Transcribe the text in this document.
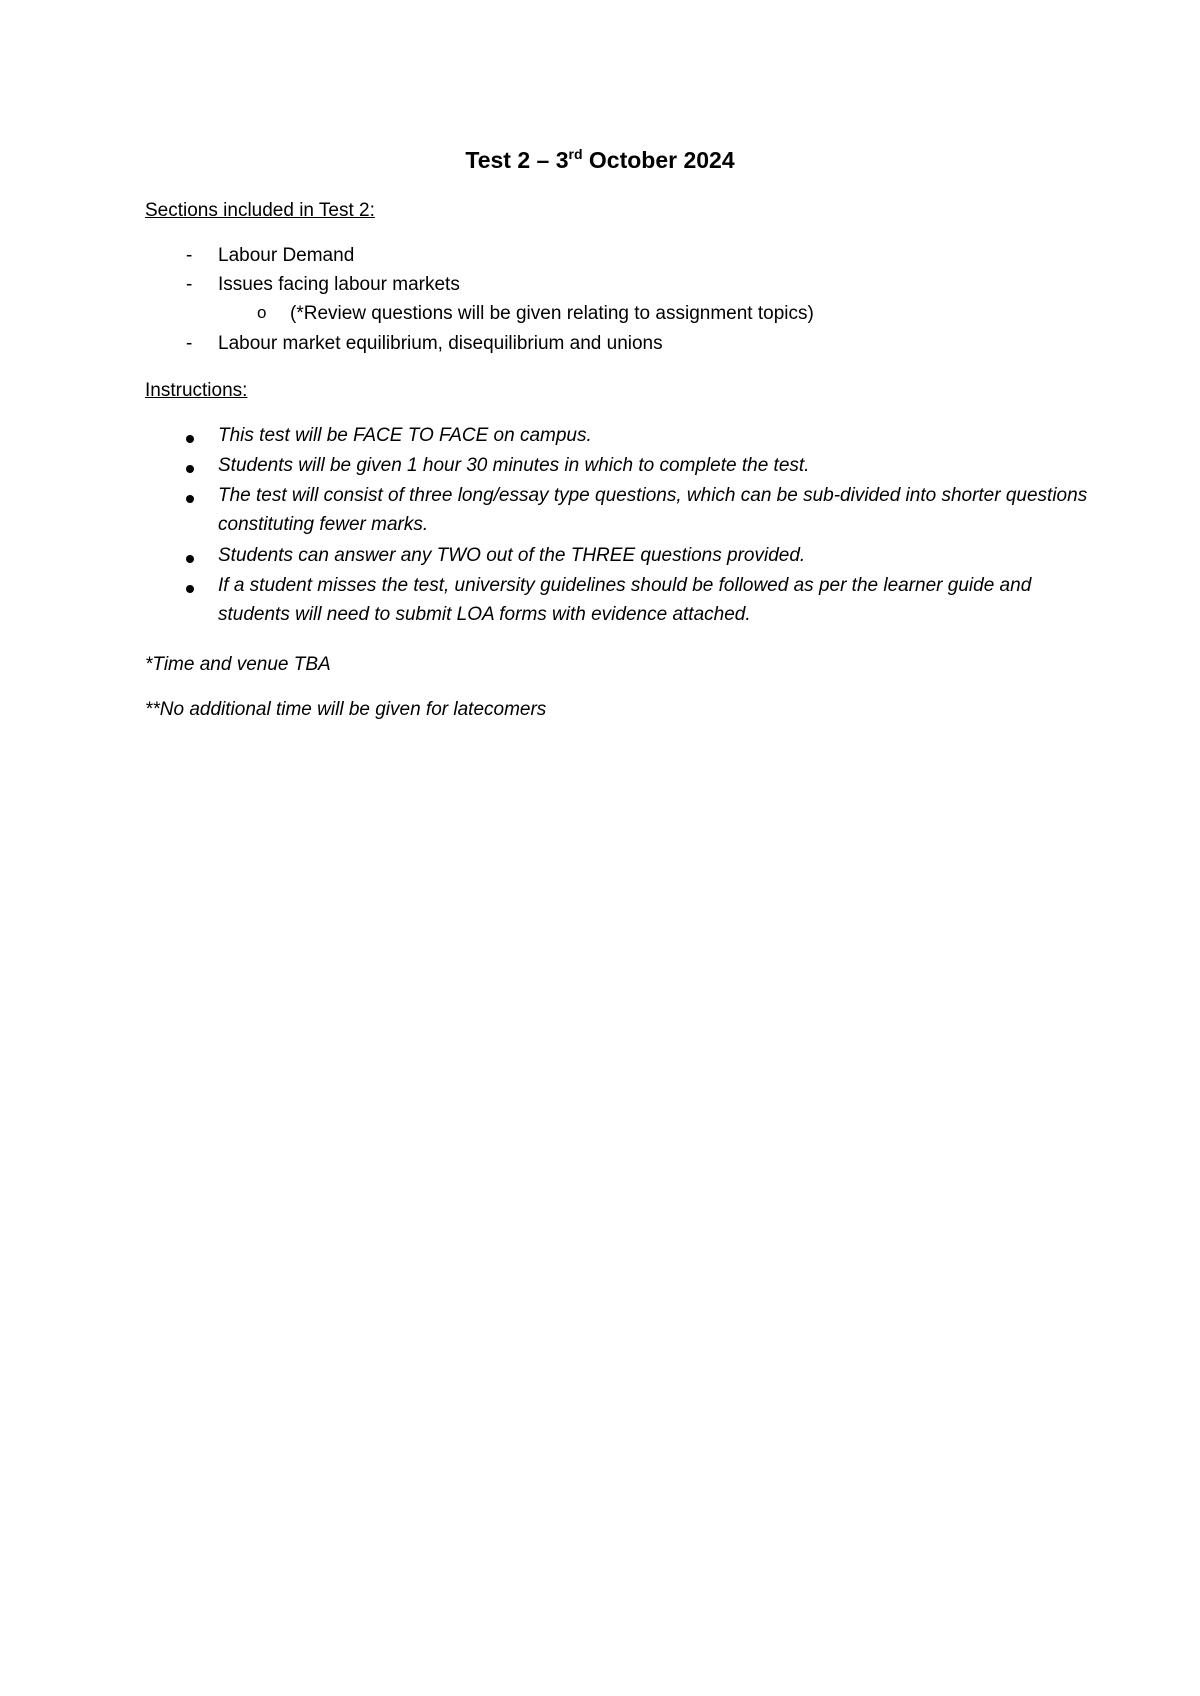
Test 2 – 3rd October 2024
Sections included in Test 2:
- Labour Demand
- Issues facing labour markets
o (*Review questions will be given relating to assignment topics)
- Labour market equilibrium, disequilibrium and unions
Instructions:
This test will be FACE TO FACE on campus.
Students will be given 1 hour 30 minutes in which to complete the test.
The test will consist of three long/essay type questions, which can be sub-divided into shorter questions constituting fewer marks.
Students can answer any TWO out of the THREE questions provided.
If a student misses the test, university guidelines should be followed as per the learner guide and students will need to submit LOA forms with evidence attached.
*Time and venue TBA
**No additional time will be given for latecomers
